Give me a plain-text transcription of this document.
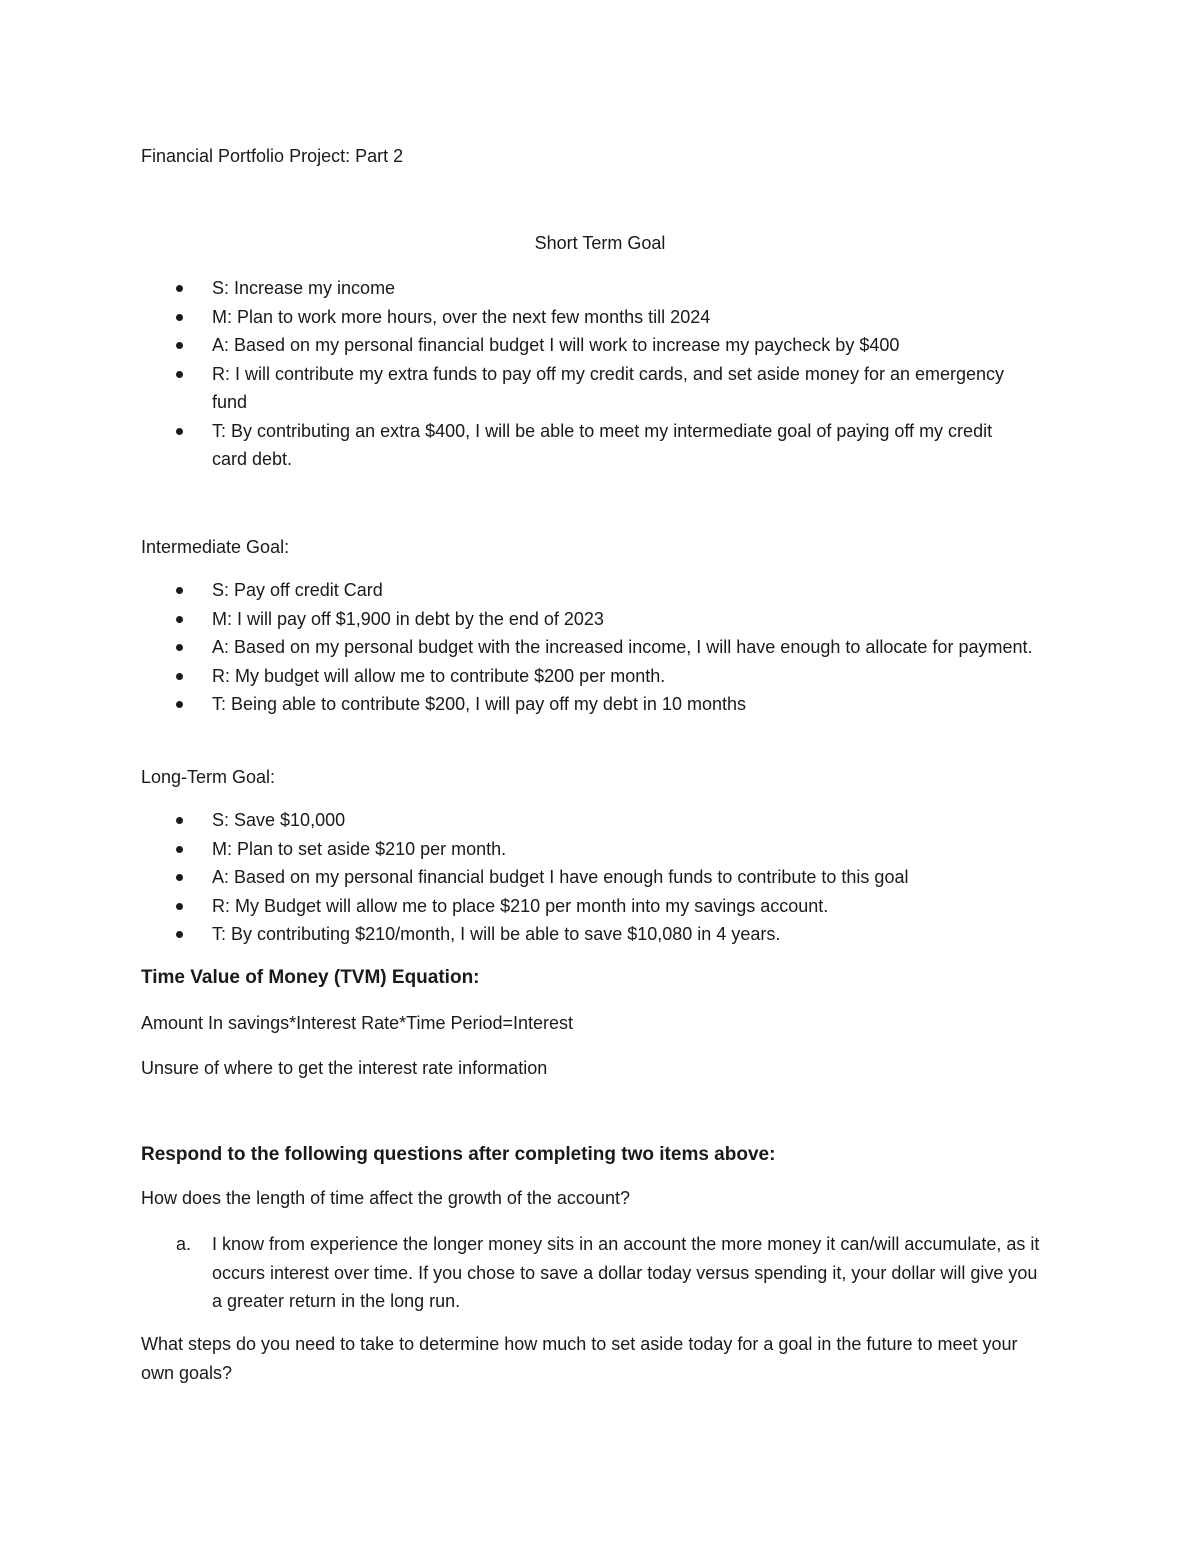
Financial Portfolio Project: Part 2
Short Term Goal
S: Increase my income
M: Plan to work more hours, over the next few months till 2024
A: Based on my personal financial budget I will work to increase my paycheck by $400
R: I will contribute my extra funds to pay off my credit cards, and set aside money for an emergency fund
T: By contributing an extra $400, I will be able to meet my intermediate goal of paying off my credit card debt.
Intermediate Goal:
S: Pay off credit Card
M: I will pay off $1,900 in debt by the end of 2023
A: Based on my personal budget with the increased income, I will have enough to allocate for payment.
R: My budget will allow me to contribute $200 per month.
T: Being able to contribute $200, I will pay off my debt in 10 months
Long-Term Goal:
S: Save $10,000
M: Plan to set aside $210 per month.
A: Based on my personal financial budget I have enough funds to contribute to this goal
R: My Budget will allow me to place $210 per month into my savings account.
T: By contributing $210/month, I will be able to save $10,080 in 4 years.
Time Value of Money (TVM) Equation:
Amount In savings*Interest Rate*Time Period=Interest
Unsure of where to get the interest rate information
Respond to the following questions after completing two items above:
How does the length of time affect the growth of the account?
a. I know from experience the longer money sits in an account the more money it can/will accumulate, as it occurs interest over time. If you chose to save a dollar today versus spending it, your dollar will give you a greater return in the long run.
What steps do you need to take to determine how much to set aside today for a goal in the future to meet your own goals?
